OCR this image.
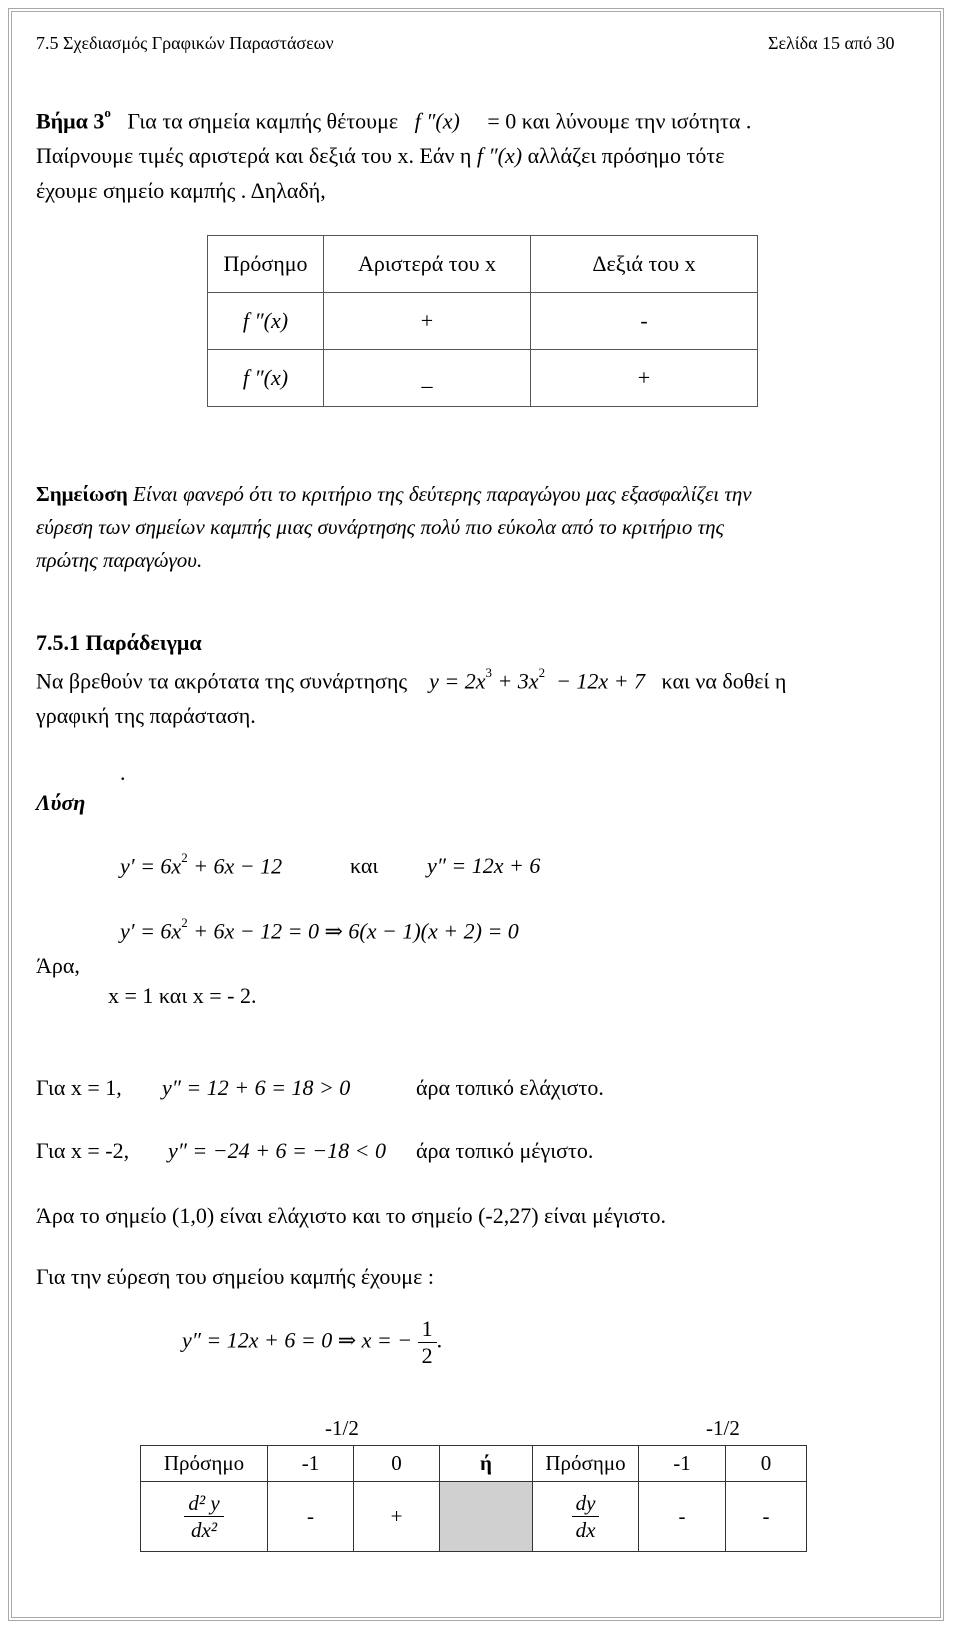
7.5 Σχεδιασμός Γραφικών Παραστάσεων	Σελίδα 15 από 30
Βήμα $3^o$ Για τα σημεία καμπής θέτουμε f ″(x) = 0 και λύνουμε την ισότητα .
Παίρνουμε τιμές αριστερά και δεξιά του x. Εάν η f ″(x) αλλάζει πρόσημο τότε
έχουμε σημείο καμπής . Δηλαδή,
Πρόσημο	Αριστερά του x	Δεξιά του x
f ″(x)	+	-
f ″(x)	_	+
Σημείωση Είναι φανερό ότι το κριτήριο της δεύτερης παραγώγου μας εξασφαλίζει την
εύρεση των σημείων καμπής μιας συνάρτησης πολύ πιο εύκολα από το κριτήριο της
πρώτης παραγώγου.
7.5.1 Παράδειγμα
Να βρεθούν τα ακρότατα της συνάρτησης $y = 2x^3 + 3x^2 - 12x + 7$ και να δοθεί η
γραφική της παράσταση.
.
Λύση
$y' = 6x^2 + 6x - 12$	και y″ = 12x + 6
$y' = 6x^2 + 6x - 12 = 0$ ⇒ 6(x − 1)(x + 2) = 0
Άρα,
x = 1 και x = - 2.
Για x = 1, y″ = 12 + 6 = 18 > 0	άρα τοπικό ελάχιστο.
Για x = -2, y″ = −24 + 6 = −18 < 0 άρα τοπικό μέγιστο.
Άρα το σημείο (1,0) είναι ελάχιστο και το σημείο (-2,27) είναι μέγιστο.
Για την εύρεση του σημείου καμπής έχουμε :
y″ = 12x + 6 = 0 ⇒ x = − $\frac{1}{2}$ .
-1/2	-1/2
Πρόσημο	-1	0	ή	Πρόσημο	-1	0

$\frac{\text{d² y}}{\text{dx²}}$	-	+		$\frac{dy}{dx}$	-	-
